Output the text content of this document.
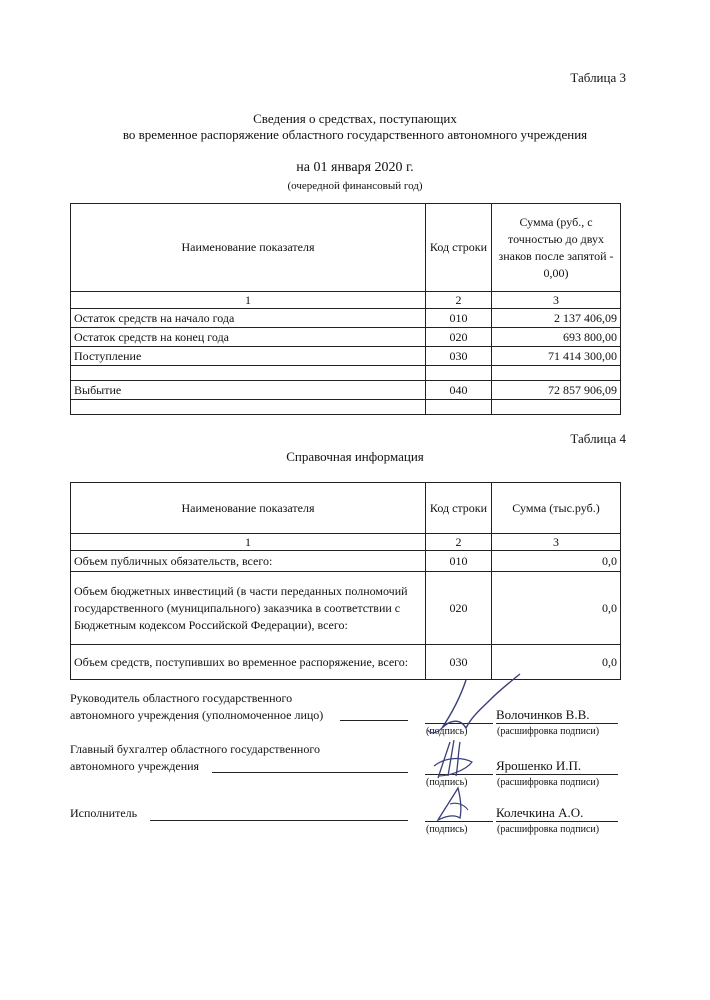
Таблица 3
Сведения о средствах, поступающих
во временное распоряжение областного государственного автономного учреждения
на 01 января 2020 г.
(очередной финансовый год)
Наименование показателя	Код строки	Сумма (руб., с точностью до двух знаков после запятой - 0,00)
1	2	3
Остаток средств на начало года	010	2 137 406,09
Остаток средств на конец года	020	693 800,00
Поступление	030	71 414 300,00

Выбытие	040	72 857 906,09

Таблица 4
Справочная информация
Наименование показателя	Код строки	Сумма (тыс.руб.)
1	2	3
Объем публичных обязательств, всего:	010	0,0
Объем бюджетных инвестиций (в части переданных полномочий государственного (муниципального) заказчика в соответствии с Бюджетным кодексом Российской Федерации), всего:	020	0,0
Объем средств, поступивших во временное распоряжение, всего:	030	0,0
Руководитель областного государственного
автономного учреждения (уполномоченное лицо)	Волочинков В.В.
(подпись)	(расшифровка подписи)
Главный бухгалтер областного государственного
автономного учреждения	Ярошенко И.П.
(подпись)	(расшифровка подписи)
Исполнитель	Колечкина А.О.
(подпись)	(расшифровка подписи)
